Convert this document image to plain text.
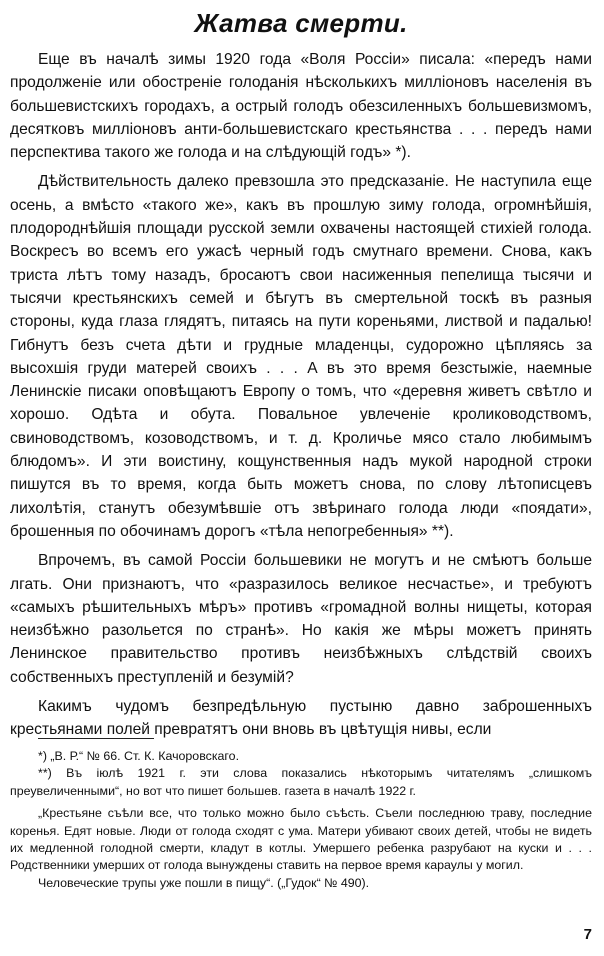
Жатва смерти.

Еще въ началѣ зимы 1920 года «Воля Россіи» писала: «передъ нами продолженіе или обостреніе голоданія нѣсколькихъ милліоновъ населенія въ большевистскихъ городахъ, а острый голодъ обезсиленныхъ большевизмомъ, десятковъ милліоновъ анти-большевистскаго крестьянства . . . передъ нами перспектива такого же голода и на слѣдующій годъ» *).

Дѣйствительность далеко превзошла это предсказаніе. Не наступила еще осень, а вмѣсто «такого же», какъ въ прошлую зиму голода, огромнѣйшія, плодороднѣйшія площади русской земли охвачены настоящей стихіей голода. Воскресъ во всемъ его ужасѣ черный годъ смутнаго времени. Снова, какъ триста лѣтъ тому назадъ, бросаютъ свои насиженныя пепелища тысячи и тысячи крестьянскихъ семей и бѣгутъ въ смертельной тоскѣ въ разныя стороны, куда глаза глядятъ, питаясь на пути кореньями, листвой и падалью! Гибнутъ безъ счета дѣти и грудные младенцы, судорожно цѣпляясь за высохшія груди матерей своихъ . . . А въ это время безстыжіе, наемные Ленинскіе писаки оповѣщаютъ Европу о томъ, что «деревня живетъ свѣтло и хорошо. Одѣта и обута. Повальное увлеченіе кролиководствомъ, свиноводствомъ, козоводствомъ, и т. д. Кроличье мясо стало любимымъ блюдомъ». И эти воистину, кощунственныя надъ мукой народной строки пишутся въ то время, когда быть можетъ снова, по слову лѣтописцевъ лихолѣтія, станутъ обезумѣвшіе отъ звѣринаго голода люди «поядати», брошенныя по обочинамъ дорогъ «тѣла непогребенныя» **).

Впрочемъ, въ самой Россіи большевики не могутъ и не смѣютъ больше лгать. Они признаютъ, что «разразилось великое несчастье», и требуютъ «самыхъ рѣшительныхъ мѣръ» противъ «громадной волны нищеты, которая неизбѣжно разольется по странѣ». Но какія же мѣры можетъ принять Ленинское правительство противъ неизбѣжныхъ слѣдствій своихъ собственныхъ преступленій и безумій?

Какимъ чудомъ безпредѣльную пустыню давно заброшенныхъ крестьянами полей превратятъ они вновь въ цвѣтущія нивы, если

*) „В. Р.“ № 66. Ст. К. Качоровскаго.

**) Въ іюлѣ 1921 г. эти слова показались нѣкоторымъ читателямъ „слишкомъ преувеличенными“, но вот что пишет большев. газета в началѣ 1922 г.

„Крестьяне съѣли все, что только можно было съѣсть. Съели последнюю траву, последние коренья. Едят новые. Люди от голода сходят с ума. Матери убивают своих детей, чтобы не видеть их медленной голодной смерти, кладут в котлы. Умершего ребенка разрубают на куски и . . . Родственники умерших от голода вынуждены ставить на первое время караулы у могил.

Человеческие трупы уже пошли в пищу“. („Гудок“ № 490).

7
